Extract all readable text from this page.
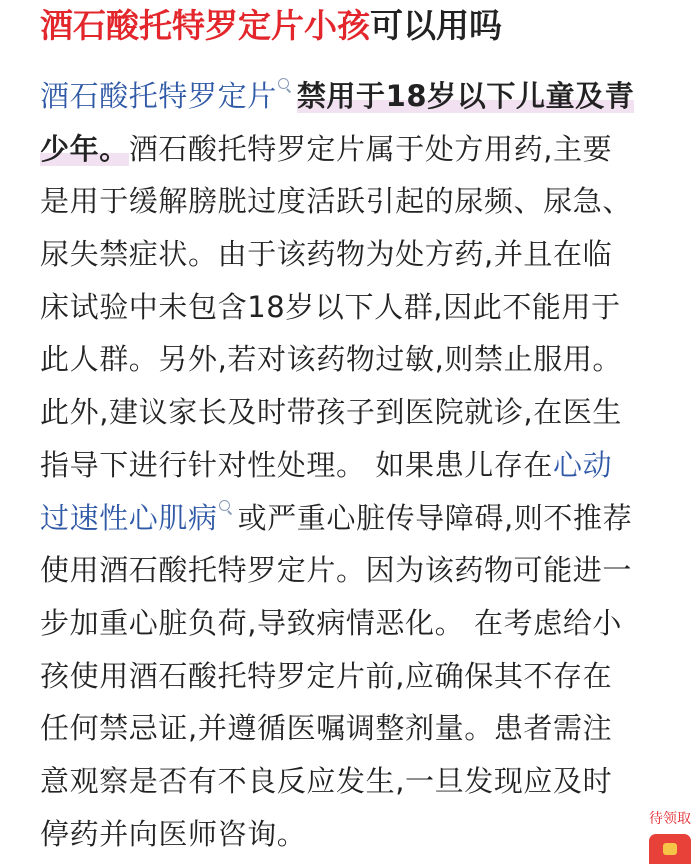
酒石酸托特罗定片小孩可以用吗
酒石酸托特罗定片 禁用于18岁以下儿童及青
少年。酒石酸托特罗定片属于处方用药,主要
是用于缓解膀胱过度活跃引起的尿频、尿急、
尿失禁症状。由于该药物为处方药,并且在临
床试验中未包含18岁以下人群,因此不能用于
此人群。另外,若对该药物过敏,则禁止服用。
此外,建议家长及时带孩子到医院就诊,在医生
指导下进行针对性处理。 如果患儿存在心动
过速性心肌病 或严重心脏传导障碍,则不推荐
使用酒石酸托特罗定片。因为该药物可能进一
步加重心脏负荷,导致病情恶化。 在考虑给小
孩使用酒石酸托特罗定片前,应确保其不存在
任何禁忌证,并遵循医嘱调整剂量。患者需注
意观察是否有不良反应发生,一旦发现应及时
停药并向医师咨询。	待领取
